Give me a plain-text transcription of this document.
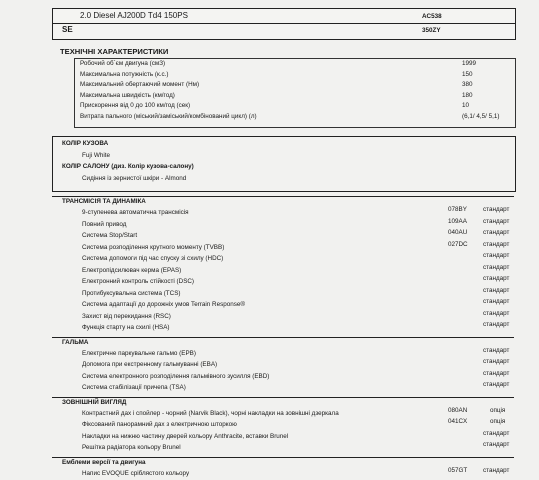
2.0 Diesel AJ200D Td4 150PS	AC538
SE	350ZY
ТЕХНІЧНІ ХАРАКТЕРИСТИКИ
Робочий об`єм двигуна (смЗ)	1999
Максимальна потужність (к.с.)	150
Максимальний обертаючий момент (Нм)	380
Максимальна швидкість (км/год)	180
Прискорення від 0 до 100 км/год (сек)	10
Витрата пального (міський/заміський/комбінований цикл) (л)	(6,1/ 4,5/ 5,1)
КОЛІР КУЗОВА
Fuji White
КОЛІР САЛОНУ (диз. Колір кузова-салону)
Сидіння із зернистої шкіри - Almond
ТРАНСМІСІЯ ТА ДИНАМІКА
9-ступенева автоматична трансмісія	078BY	стандарт
Повний привод	109AA	стандарт
Система Stop/Start	040AU стандарт
Система розподілення крутного моменту (TVBB)	027DC стандарт
Система допомоги під час спуску зі схилу (HDC)	стандарт
Електропідсилювач керма (EPAS)	стандарт
Електронний контроль стійкості (DSC)	стандарт
Протибуксувальна система (TCS)	стандарт
Система адаптації до дорожніх умов Terrain Response®	стандарт
Захист від перекидання (RSC)	стандарт
Функція старту на схилі (HSA)	стандарт
ГАЛЬМА
Електричне паркувальне гальмо (EPB)	стандарт
Допомога при екстренному гальмуванні (EBA)	стандарт
Система електронного розподілення гальмівного зусилля (EBD)	стандарт
Система стабілізації причепа (TSA)	стандарт
ЗОВНІШНІЙ ВИГЛЯД
Контрастний дах і спойлер - чорний (Narvik Black), чорні накладки на зовнішні дзеркала	080AN	опція
Фіксований панорамний дах з електричною шторкою	041CX	опція
Накладки на нижню частину дверей кольору Anthracite, вставки Brunel	стандарт
Решітка радіатора кольору Brunel	стандарт
Емблеми версії та двигуна
Напис EVOQUE сріблястого кольору	057GT стандарт
